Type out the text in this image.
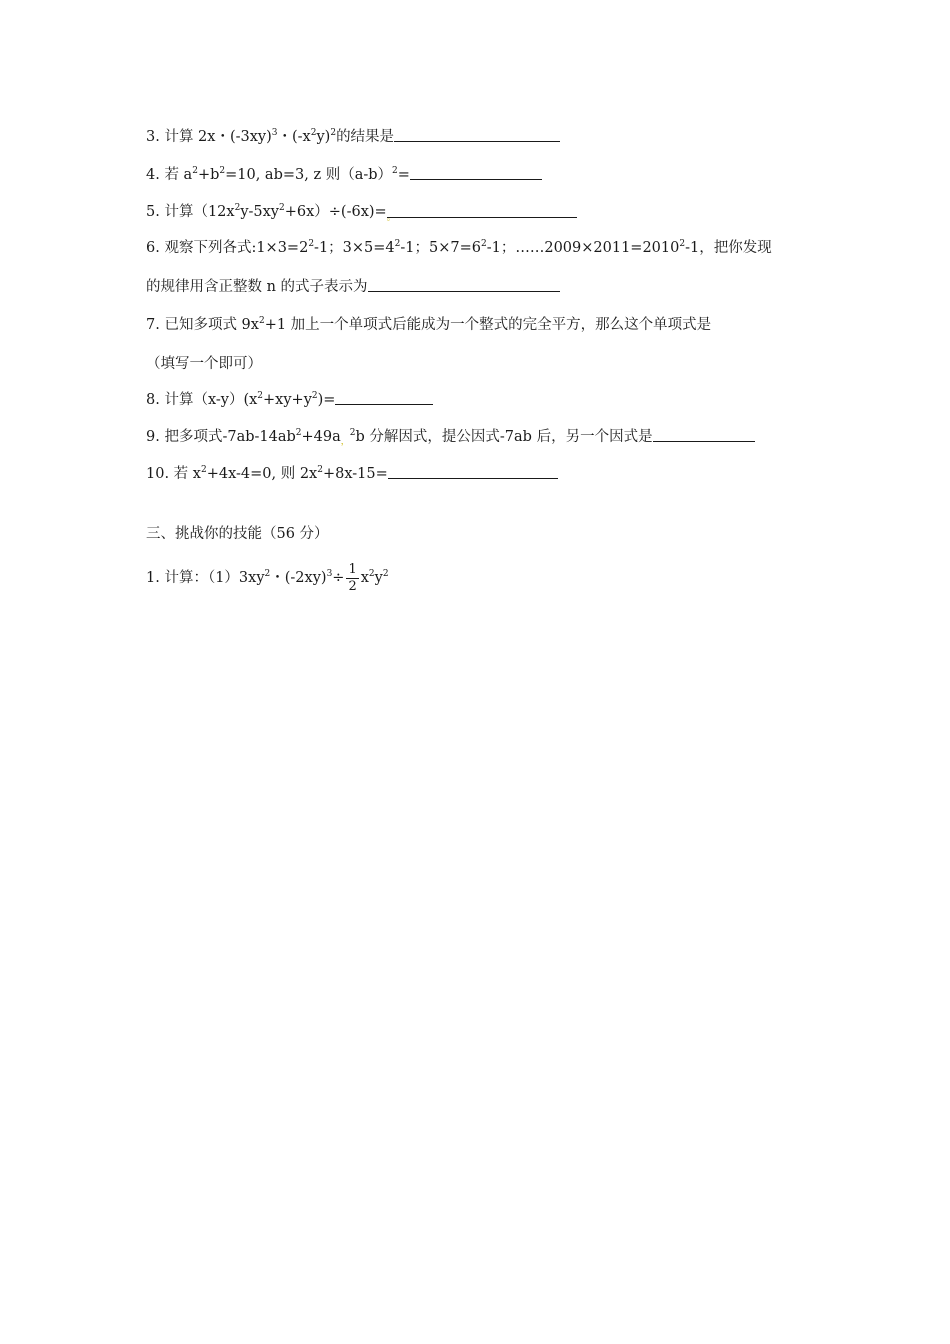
3. 计算 2x・$(-3xy)^3$・$(-x^2y)^2$的结果是
4. 若 $a^2+b^2=10$, ab=3, z 则$(a-b)^2=$
5. 计算$(12x^2y-5xy^2+6x)\div(-6x)=_。$
6. 观察下列各式$:1\times 3=2^2-1$；$3\times 5=4^2-1$；$5\times 7=6^2-1$；$\dots\dots 2009\times 2011=2010^2-1$，把你发现
的规律用含正整数 n 的式子表示为
7. 已知多项式 $9x^2+1$ 加上一个单项式后能成为一个整式的完全平方，那么这个单项式是
（填写一个即可）
8. 计算$(x-y)(x^2+xy+y^2)=$
9. 把多项式$-7ab-14ab^2+49a_,^2b$ 分解因式，提公因式-7ab 后，另一个因式是
10. 若 $x^2+4x-4=0$, 则 $2x^2+8x-15=$
三、挑战你的技能（56 分）
1. 计算：$(1)3xy^2$・$(-2xy)^3\div \frac{1}{2} x^2y^2$
